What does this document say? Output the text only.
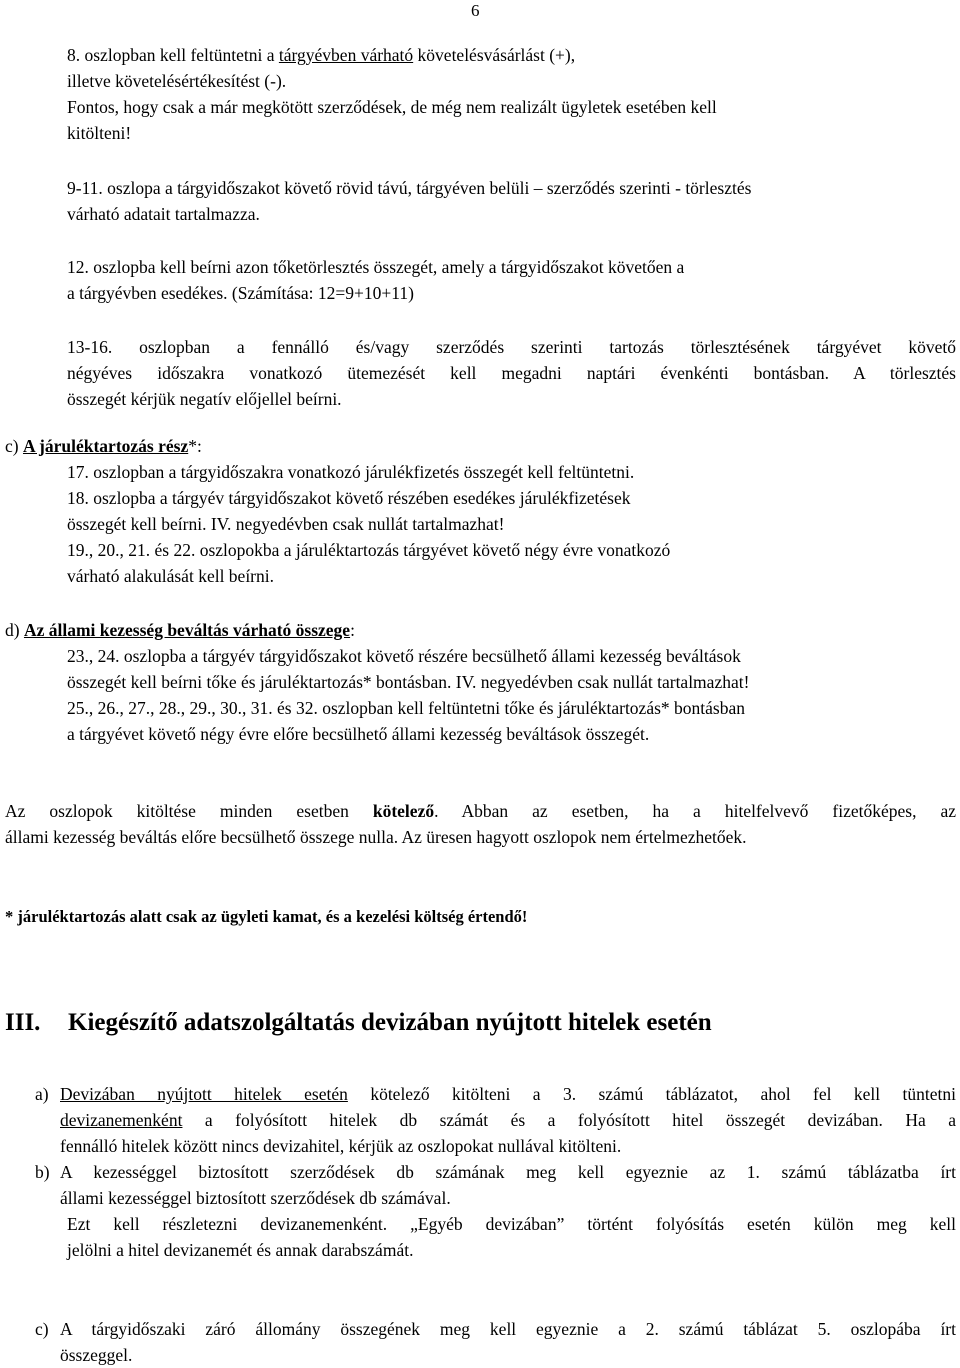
6
8. oszlopban kell feltüntetni a tárgyévben várható követelésvásárlást (+),
illetve követelésértékesítést (-).
Fontos, hogy csak a már megkötött szerződések, de még nem realizált ügyletek esetében kell
kitölteni!
9-11. oszlopa a tárgyidőszakot követő rövid távú, tárgyéven belüli – szerződés szerinti - törlesztés
várható adatait tartalmazza.
12. oszlopba kell beírni azon tőketörlesztés összegét, amely a tárgyidőszakot követően a
a tárgyévben esedékes. (Számítása: 12=9+10+11)
13-16. oszlopban a fennálló és/vagy szerződés szerinti tartozás törlesztésének tárgyévet követő
négyéves időszakra vonatkozó ütemezését kell megadni naptári évenkénti bontásban. A törlesztés
összegét kérjük negatív előjellel beírni.
c) A járuléktartozás rész*:
17. oszlopban a tárgyidőszakra vonatkozó járulékfizetés összegét kell feltüntetni.
18. oszlopba a tárgyév tárgyidőszakot követő részében esedékes járulékfizetések
összegét kell beírni. IV. negyedévben csak nullát tartalmazhat!
19., 20., 21. és 22. oszlopokba a járuléktartozás tárgyévet követő négy évre vonatkozó
várható alakulását kell beírni.
d) Az állami kezesség beváltás várható összege:
23., 24. oszlopba a tárgyév tárgyidőszakot követő részére becsülhető állami kezesség beváltások
összegét kell beírni tőke és járuléktartozás* bontásban. IV. negyedévben csak nullát tartalmazhat!
25., 26., 27., 28., 29., 30., 31. és 32. oszlopban kell feltüntetni tőke és járuléktartozás* bontásban
a tárgyévet követő négy évre előre becsülhető állami kezesség beváltások összegét.
Az oszlopok kitöltése minden esetben kötelező. Abban az esetben, ha a hitelfelvevő fizetőképes, az
állami kezesség beváltás előre becsülhető összege nulla. Az üresen hagyott oszlopok nem értelmezhetőek.
* járuléktartozás alatt csak az ügyleti kamat, és a kezelési költség értendő!
III. Kiegészítő adatszolgáltatás devizában nyújtott hitelek esetén
a) Devizában nyújtott hitelek esetén kötelező kitölteni a 3. számú táblázatot, ahol fel kell tüntetni
devizanemenként a folyósított hitelek db számát és a folyósított hitel összegét devizában. Ha a
fennálló hitelek között nincs devizahitel, kérjük az oszlopokat nullával kitölteni.
b) A kezességgel biztosított szerződések db számának meg kell egyeznie az 1. számú táblázatba írt
állami kezességgel biztosított szerződések db számával.
Ezt kell részletezni devizanemenként. „Egyéb devizában” történt folyósítás esetén külön meg kell
jelölni a hitel devizanemét és annak darabszámát.
c) A tárgyidőszaki záró állomány összegének meg kell egyeznie a 2. számú táblázat 5. oszlopába írt
összeggel.
